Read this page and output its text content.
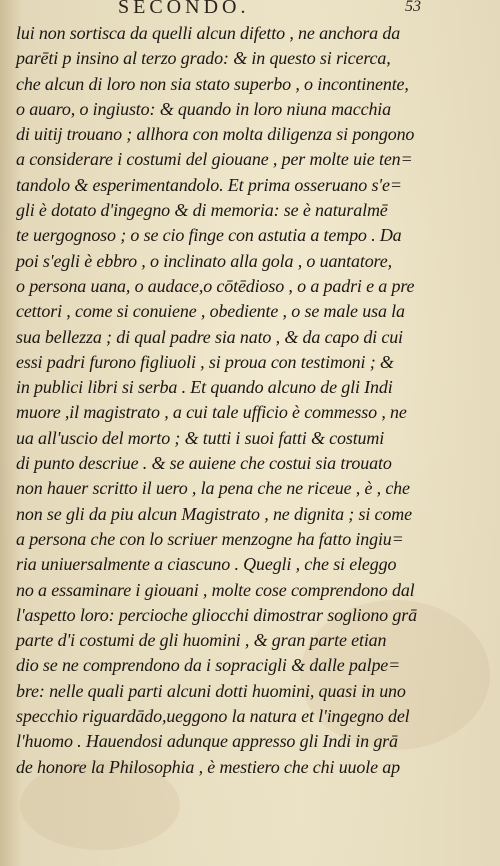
SECONDO.	53
lui non sortisca da quelli alcun difetto , ne anchora da
parēti p insino al terzo grado: & in questo si ricerca,
che alcun di loro non sia stato superbo , o incontinente,
o auaro, o ingiusto: & quando in loro niuna macchia
di uitij trouano ; allhora con molta diligenza si pongono
a considerare i costumi del giouane , per molte uie ten=
tandolo & esperimentandolo. Et prima osseruano s'e=
gli è dotato d'ingegno & di memoria: se è naturalmē
te uergognoso ; o se cio finge con astutia a tempo . Da
poi s'egli è ebbro , o inclinato alla gola , o uantatore,
o persona uana, o audace,o cōtēdioso , o a padri e a pre
cettori , come si conuiene , obediente , o se male usa la
sua bellezza ; di qual padre sia nato , & da capo di cui
essi padri furono figliuoli , si proua con testimoni ; &
in publici libri si serba . Et quando alcuno de gli Indi
muore ,il magistrato , a cui tale ufficio è commesso , ne
ua all'uscio del morto ; & tutti i suoi fatti & costumi
di punto descriue . & se auiene che costui sia trouato
non hauer scritto il uero , la pena che ne riceue , è , che
non se gli da piu alcun Magistrato , ne dignita ; si come
a persona che con lo scriuer menzogne ha fatto ingiu=
ria uniuersalmente a ciascuno . Quegli , che si eleggo
no a essaminare i giouani , molte cose comprendono dal
l'aspetto loro: percioche gliocchi dimostrar sogliono grā
parte d'i costumi de gli huomini , & gran parte etian
dio se ne comprendono da i sopracigli & dalle palpe=
bre: nelle quali parti alcuni dotti huomini, quasi in uno
specchio riguardādo,ueggono la natura et l'ingegno del
l'huomo . Hauendosi adunque appresso gli Indi in grā
de honore la Philosophia , è mestiero che chi uuole ap
